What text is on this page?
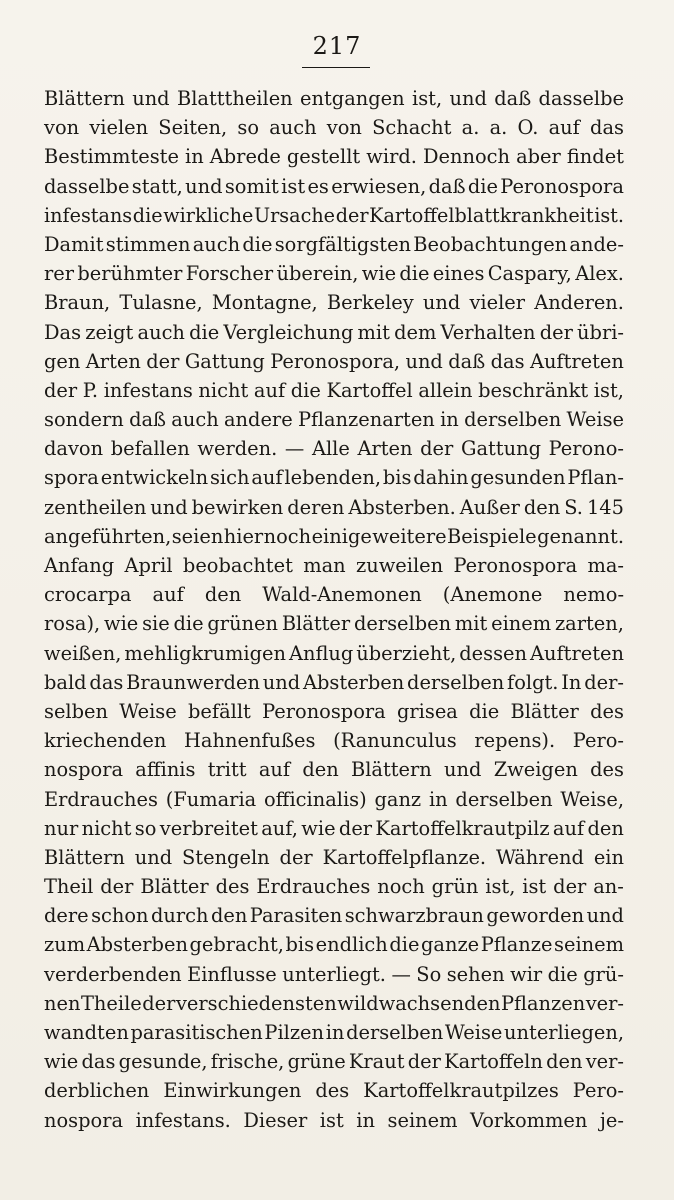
217
Blättern und Blatttheilen entgangen ist, und daß dasselbe
von vielen Seiten, so auch von Schacht a. a. O. auf das
Bestimmteste in Abrede gestellt wird. Dennoch aber findet
dasselbe statt, und somit ist es erwiesen, daß die Peronospora
infestans die wirkliche Ursache der Kartoffelblattkrankheit ist.
Damit stimmen auch die sorgfältigsten Beobachtungen ande-
rer berühmter Forscher überein, wie die eines Caspary, Alex.
Braun, Tulasne, Montagne, Berkeley und vieler Anderen.
Das zeigt auch die Vergleichung mit dem Verhalten der übri-
gen Arten der Gattung Peronospora, und daß das Auftreten
der P. infestans nicht auf die Kartoffel allein beschränkt ist,
sondern daß auch andere Pflanzenarten in derselben Weise
davon befallen werden. — Alle Arten der Gattung Perono-
spora entwickeln sich auf lebenden, bis dahin gesunden Pflan-
zentheilen und bewirken deren Absterben. Außer den S. 145
angeführten, seien hier noch einige weitere Beispiele genannt.
Anfang April beobachtet man zuweilen Peronospora ma-
crocarpa auf den Wald-Anemonen (Anemone nemo-
rosa), wie sie die grünen Blätter derselben mit einem zarten,
weißen, mehligkrumigen Anflug überzieht, dessen Auftreten
bald das Braunwerden und Absterben derselben folgt. In der-
selben Weise befällt Peronospora grisea die Blätter des
kriechenden Hahnenfußes (Ranunculus repens). Pero-
nospora affinis tritt auf den Blättern und Zweigen des
Erdrauches (Fumaria officinalis) ganz in derselben Weise,
nur nicht so verbreitet auf, wie der Kartoffelkrautpilz auf den
Blättern und Stengeln der Kartoffelpflanze. Während ein
Theil der Blätter des Erdrauches noch grün ist, ist der an-
dere schon durch den Parasiten schwarzbraun geworden und
zum Absterben gebracht, bis endlich die ganze Pflanze seinem
verderbenden Einflusse unterliegt. — So sehen wir die grü-
nen Theile der verschiedensten wildwachsenden Pflanzen ver-
wandten parasitischen Pilzen in derselben Weise unterliegen,
wie das gesunde, frische, grüne Kraut der Kartoffeln den ver-
derblichen Einwirkungen des Kartoffelkrautpilzes Pero-
nospora infestans. Dieser ist in seinem Vorkommen je-
